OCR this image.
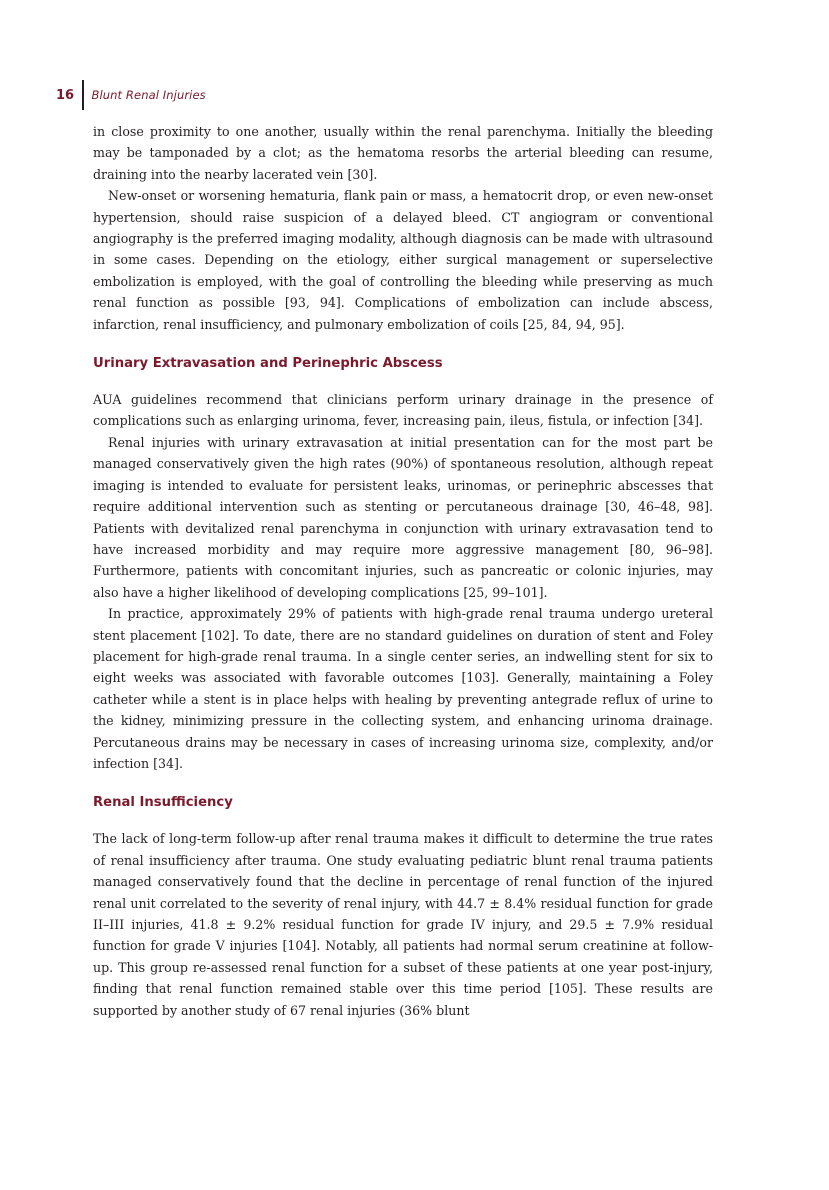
16	Blunt Renal Injuries

in close proximity to one another, usually within the renal parenchyma. Initially the bleeding may be tamponaded by a clot; as the hematoma resorbs the arterial bleeding can resume, draining into the nearby lacerated vein [30].

New-onset or worsening hematuria, flank pain or mass, a hematocrit drop, or even new-onset hypertension, should raise suspicion of a delayed bleed. CT angiogram or conventional angiography is the preferred imaging modality, although diagnosis can be made with ultrasound in some cases. Depending on the etiology, either surgical management or superselective embolization is employed, with the goal of controlling the bleeding while preserving as much renal function as possible [93, 94]. Complications of embolization can include abscess, infarction, renal insufficiency, and pulmonary embolization of coils [25, 84, 94, 95].

Urinary Extravasation and Perinephric Abscess

AUA guidelines recommend that clinicians perform urinary drainage in the presence of complications such as enlarging urinoma, fever, increasing pain, ileus, fistula, or infection [34].

Renal injuries with urinary extravasation at initial presentation can for the most part be managed conservatively given the high rates (90%) of spontaneous resolution, although repeat imaging is intended to evaluate for persistent leaks, urinomas, or perinephric abscesses that require additional intervention such as stenting or percutaneous drainage [30, 46–48, 98]. Patients with devitalized renal parenchyma in conjunction with urinary extravasation tend to have increased morbidity and may require more aggressive management [80, 96–98]. Furthermore, patients with concomitant injuries, such as pancreatic or colonic injuries, may also have a higher likelihood of developing complications [25, 99–101].

In practice, approximately 29% of patients with high-grade renal trauma undergo ureteral stent placement [102]. To date, there are no standard guidelines on duration of stent and Foley placement for high-grade renal trauma. In a single center series, an indwelling stent for six to eight weeks was associated with favorable outcomes [103]. Generally, maintaining a Foley catheter while a stent is in place helps with healing by preventing antegrade reflux of urine to the kidney, minimizing pressure in the collecting system, and enhancing urinoma drainage. Percutaneous drains may be necessary in cases of increasing urinoma size, complexity, and/or infection [34].

Renal Insufficiency

The lack of long-term follow-up after renal trauma makes it difficult to determine the true rates of renal insufficiency after trauma. One study evaluating pediatric blunt renal trauma patients managed conservatively found that the decline in percentage of renal function of the injured renal unit correlated to the severity of renal injury, with 44.7 ± 8.4% residual function for grade II–III injuries, 41.8 ± 9.2% residual function for grade IV injury, and 29.5 ± 7.9% residual function for grade V injuries [104]. Notably, all patients had normal serum creatinine at follow-up. This group re-assessed renal function for a subset of these patients at one year post-injury, finding that renal function remained stable over this time period [105]. These results are supported by another study of 67 renal injuries (36% blunt
